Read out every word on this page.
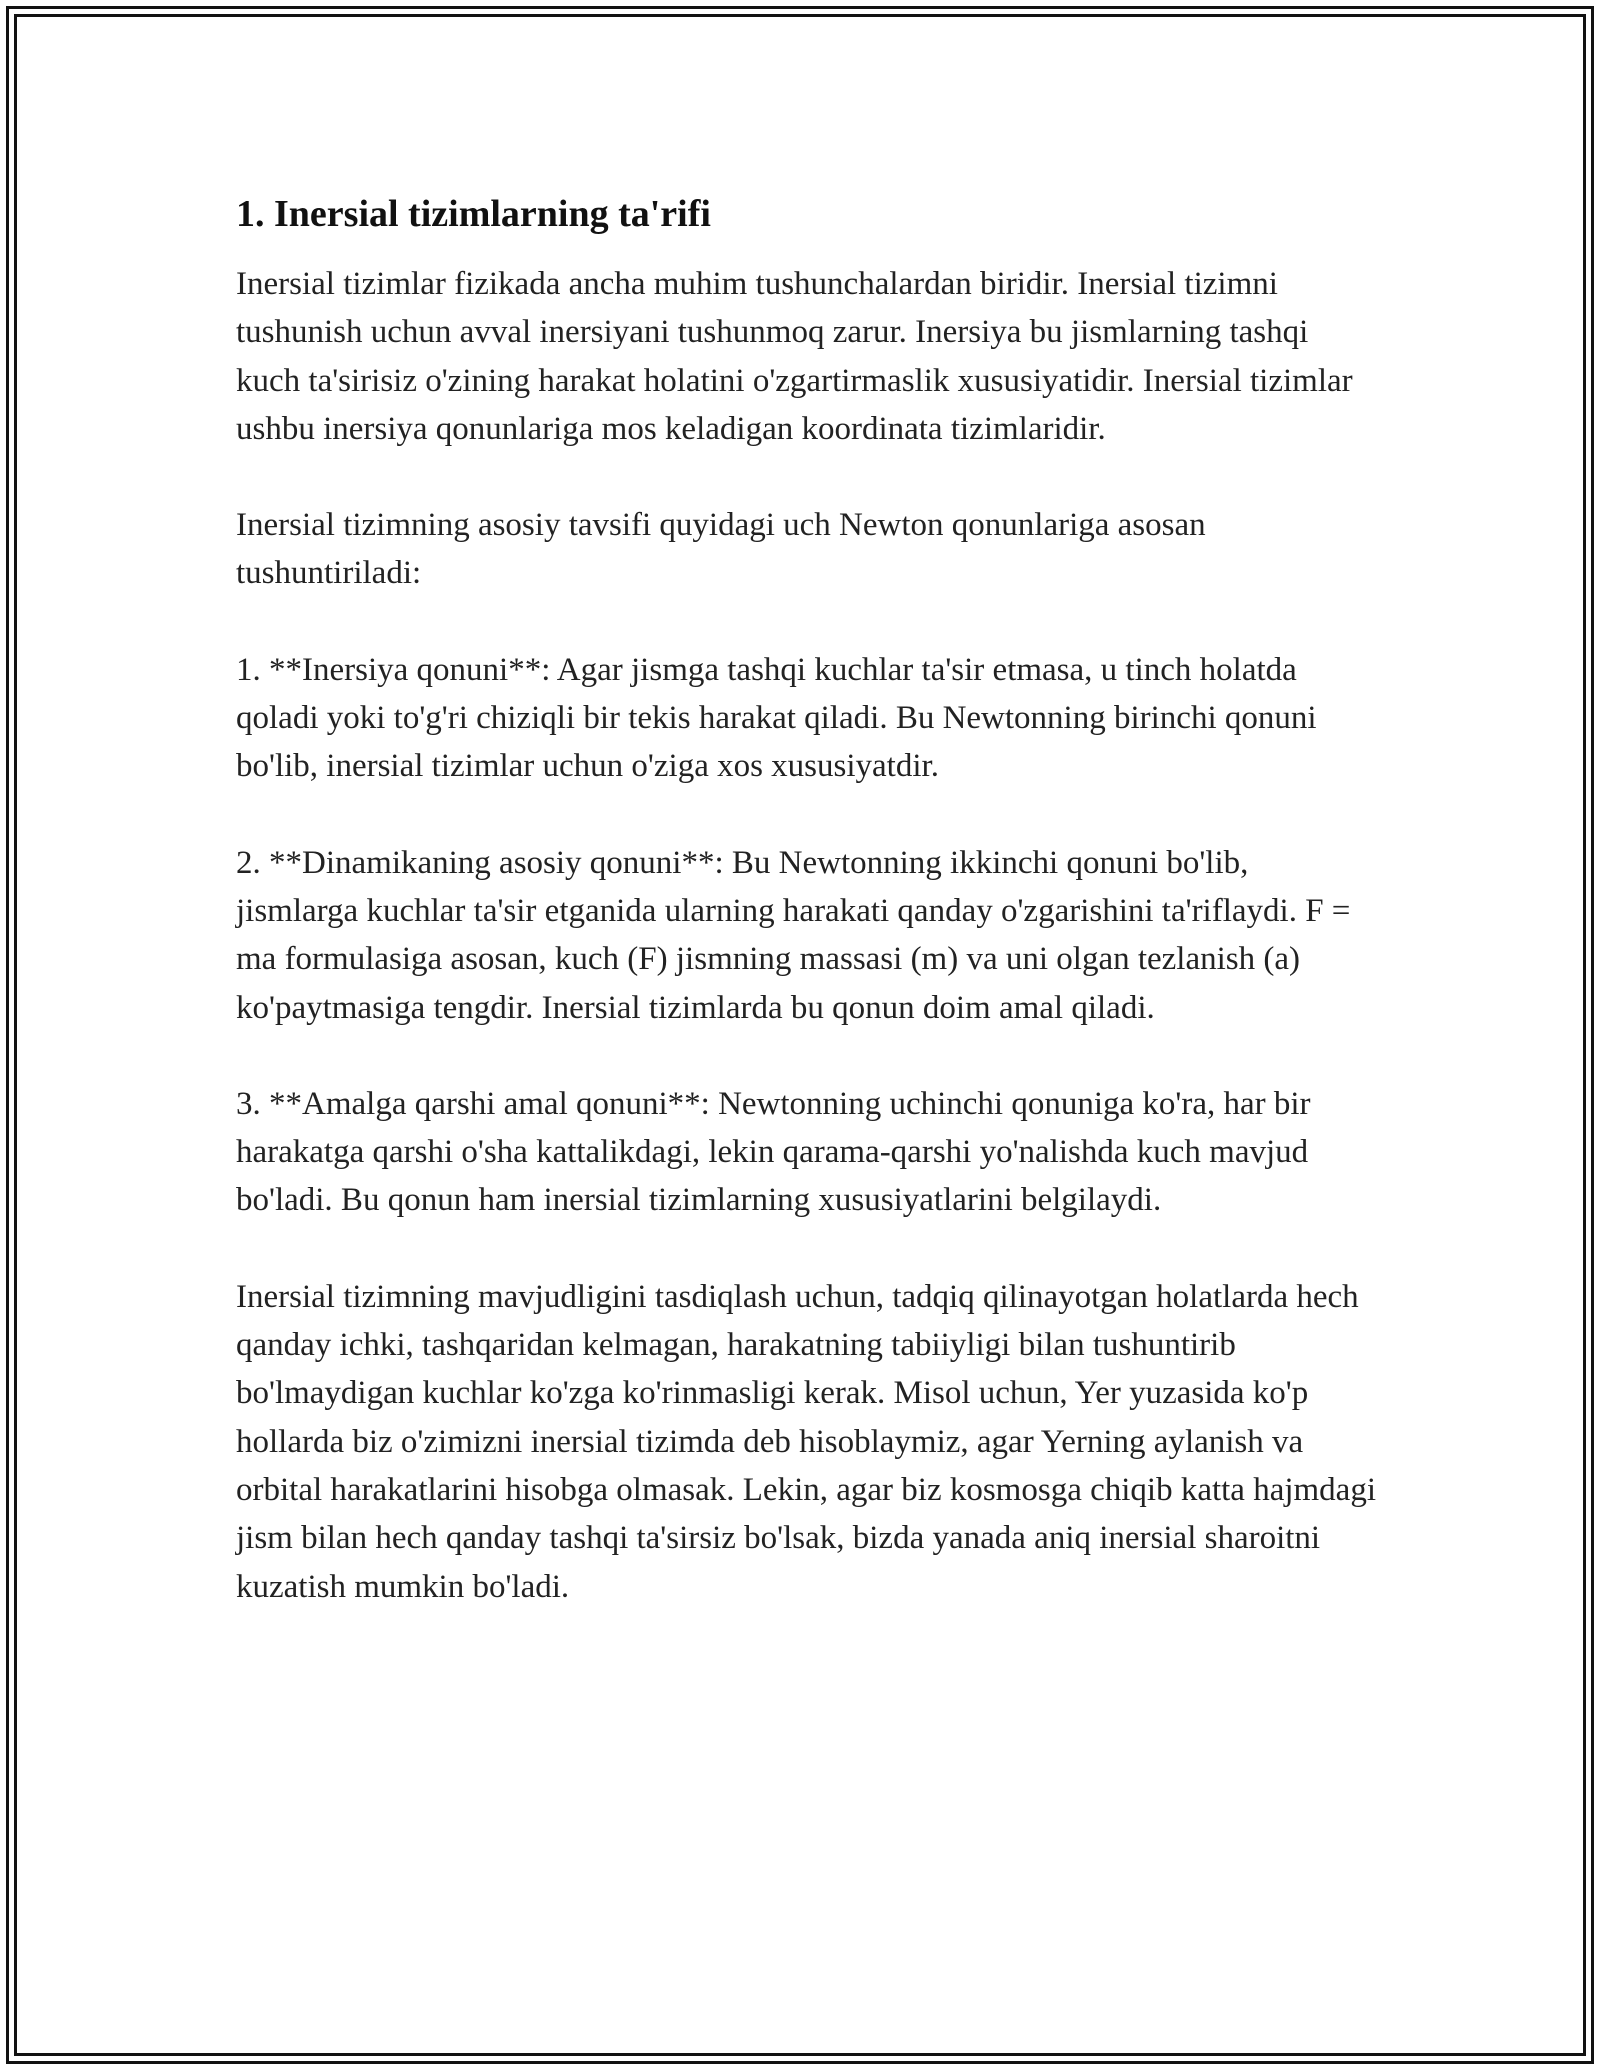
1. Inersial tizimlarning ta'rifi

Inersial tizimlar fizikada ancha muhim tushunchalardan biridir. Inersial tizimni tushunish uchun avval inersiyani tushunmoq zarur. Inersiya bu jismlarning tashqi kuch ta'sirisiz o'zining harakat holatini o'zgartirmaslik xususiyatidir. Inersial tizimlar ushbu inersiya qonunlariga mos keladigan koordinata tizimlaridir.

Inersial tizimning asosiy tavsifi quyidagi uch Newton qonunlariga asosan tushuntiriladi:

1. **Inersiya qonuni**: Agar jismga tashqi kuchlar ta'sir etmasa, u tinch holatda qoladi yoki to'g'ri chiziqli bir tekis harakat qiladi. Bu Newtonning birinchi qonuni bo'lib, inersial tizimlar uchun o'ziga xos xususiyatdir.

2. **Dinamikaning asosiy qonuni**: Bu Newtonning ikkinchi qonuni bo'lib, jismlarga kuchlar ta'sir etganida ularning harakati qanday o'zgarishini ta'riflaydi. F = ma formulasiga asosan, kuch (F) jismning massasi (m) va uni olgan tezlanish (a) ko'paytmasiga tengdir. Inersial tizimlarda bu qonun doim amal qiladi.

3. **Amalga qarshi amal qonuni**: Newtonning uchinchi qonuniga ko'ra, har bir harakatga qarshi o'sha kattalikdagi, lekin qarama-qarshi yo'nalishda kuch mavjud bo'ladi. Bu qonun ham inersial tizimlarning xususiyatlarini belgilaydi.

Inersial tizimning mavjudligini tasdiqlash uchun, tadqiq qilinayotgan holatlarda hech qanday ichki, tashqaridan kelmagan, harakatning tabiiyligi bilan tushuntirib bo'lmaydigan kuchlar ko'zga ko'rinmasligi kerak. Misol uchun, Yer yuzasida ko'p hollarda biz o'zimizni inersial tizimda deb hisoblaymiz, agar Yerning aylanish va orbital harakatlarini hisobga olmasak. Lekin, agar biz kosmosga chiqib katta hajmdagi jism bilan hech qanday tashqi ta'sirsiz bo'lsak, bizda yanada aniq inersial sharoitni kuzatish mumkin bo'ladi.
